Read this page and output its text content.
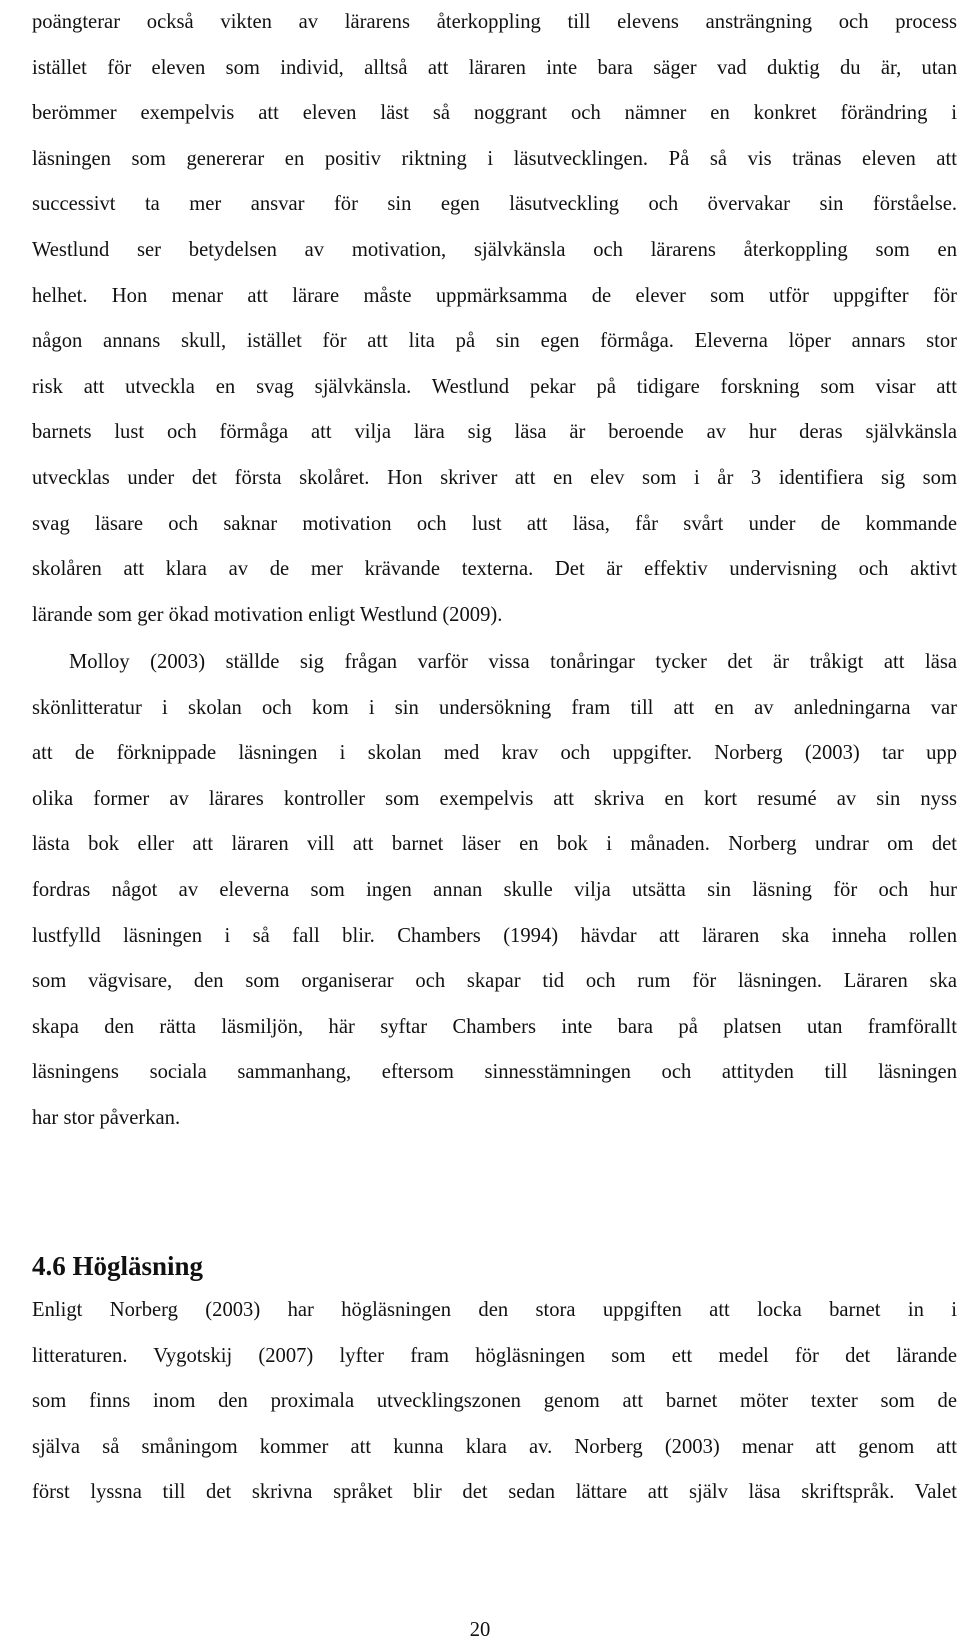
poängterar också vikten av lärarens återkoppling till elevens ansträngning och process
istället för eleven som individ, alltså att läraren inte bara säger vad duktig du är, utan
berömmer exempelvis att eleven läst så noggrant och nämner en konkret förändring i
läsningen som genererar en positiv riktning i läsutvecklingen. På så vis tränas eleven att
successivt ta mer ansvar för sin egen läsutveckling och övervakar sin förståelse.
Westlund ser betydelsen av motivation, självkänsla och lärarens återkoppling som en
helhet. Hon menar att lärare måste uppmärksamma de elever som utför uppgifter för
någon annans skull, istället för att lita på sin egen förmåga. Eleverna löper annars stor
risk att utveckla en svag självkänsla. Westlund pekar på tidigare forskning som visar att
barnets lust och förmåga att vilja lära sig läsa är beroende av hur deras självkänsla
utvecklas under det första skolåret. Hon skriver att en elev som i år 3 identifiera sig som
svag läsare och saknar motivation och lust att läsa, får svårt under de kommande
skolåren att klara av de mer krävande texterna. Det är effektiv undervisning och aktivt
lärande som ger ökad motivation enligt Westlund (2009).
Molloy (2003) ställde sig frågan varför vissa tonåringar tycker det är tråkigt att läsa
skönlitteratur i skolan och kom i sin undersökning fram till att en av anledningarna var
att de förknippade läsningen i skolan med krav och uppgifter. Norberg (2003) tar upp
olika former av lärares kontroller som exempelvis att skriva en kort resumé av sin nyss
lästa bok eller att läraren vill att barnet läser en bok i månaden. Norberg undrar om det
fordras något av eleverna som ingen annan skulle vilja utsätta sin läsning för och hur
lustfylld läsningen i så fall blir. Chambers (1994) hävdar att läraren ska inneha rollen
som vägvisare, den som organiserar och skapar tid och rum för läsningen. Läraren ska
skapa den rätta läsmiljön, här syftar Chambers inte bara på platsen utan framförallt
läsningens sociala sammanhang, eftersom sinnesstämningen och attityden till läsningen
har stor påverkan.
4.6 Högläsning
Enligt Norberg (2003) har högläsningen den stora uppgiften att locka barnet in i
litteraturen. Vygotskij (2007) lyfter fram högläsningen som ett medel för det lärande
som finns inom den proximala utvecklingszonen genom att barnet möter texter som de
själva så småningom kommer att kunna klara av. Norberg (2003) menar att genom att
först lyssna till det skrivna språket blir det sedan lättare att själv läsa skriftspråk. Valet
20
